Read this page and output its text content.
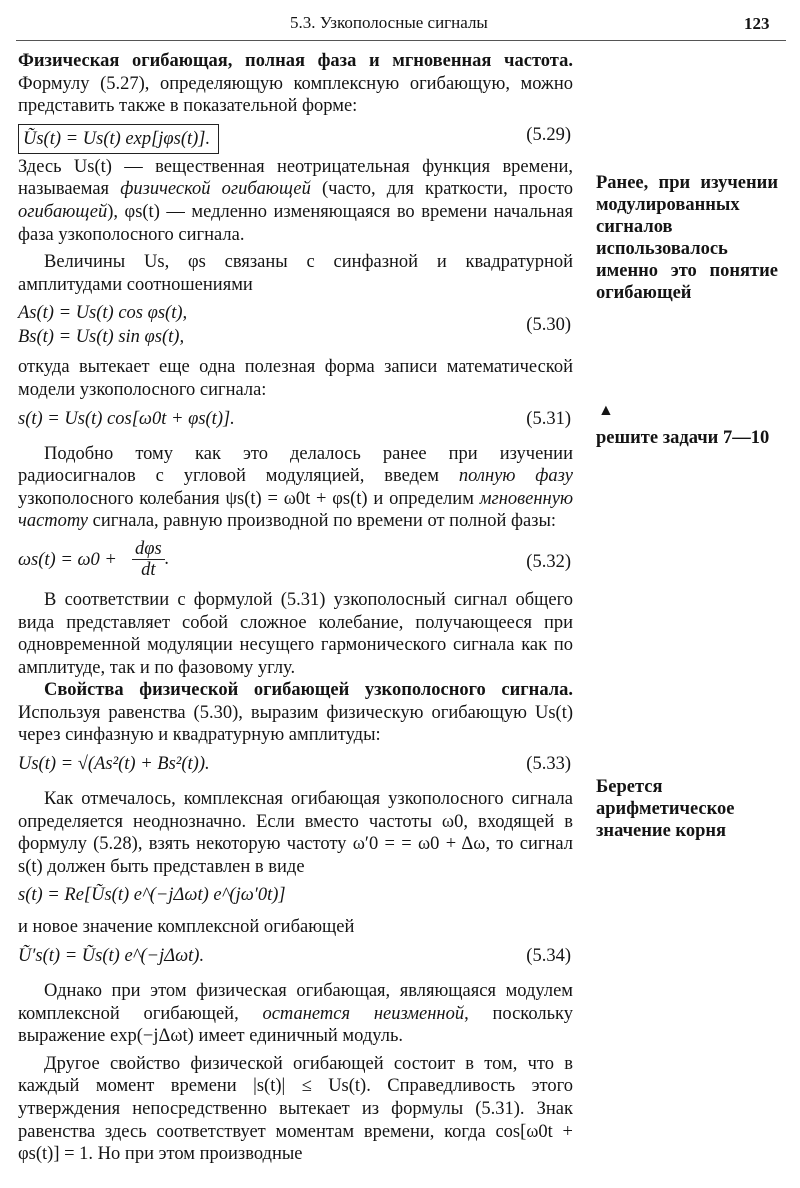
5.3. Узкополосные сигналы	123

Физическая огибающая, полная фаза и мгновенная частота. Формулу (5.27), определяющую комплексную огибающую, можно представить также в показательной форме:

Ũs(t) = Us(t) exp[jφs(t)].	(5.29)

Здесь Us(t) — вещественная неотрицательная функция времени, называемая физической огибающей (часто, для краткости, просто огибающей), φs(t) — медленно изменяющаяся во времени начальная фаза узкополосного сигнала.

Величины Us, φs связаны с синфазной и квадратурной амплитудами соотношениями

As(t) = Us(t) cos φs(t),
Bs(t) = Us(t) sin φs(t),
(5.30)

откуда вытекает еще одна полезная форма записи математической модели узкополосного сигнала:

s(t) = Us(t) cos[ω0t + φs(t)].	(5.31)

Подобно тому как это делалось ранее при изучении радиосигналов с угловой модуляцией, введем полную фазу узкополосного колебания ψs(t) = ω0t + φs(t) и определим мгновенную частоту сигнала, равную производной по времени от полной фазы:

ωs(t) = ω0 +
dφs
dt
.	(5.32)

В соответствии с формулой (5.31) узкополосный сигнал общего вида представляет собой сложное колебание, получающееся при одновременной модуляции несущего гармонического сигнала как по амплитуде, так и по фазовому углу.

Свойства физической огибающей узкополосного сигнала. Используя равенства (5.30), выразим физическую огибающую Us(t) через синфазную и квадратурную амплитуды:

Us(t) = √(As²(t) + Bs²(t)).	(5.33)

Как отмечалось, комплексная огибающая узкополосного сигнала определяется неоднозначно. Если вместо частоты ω0, входящей в формулу (5.28), взять некоторую частоту ω′0 = = ω0 + Δω, то сигнал s(t) должен быть представлен в виде

s(t) = Re[Ũs(t) e^(−jΔωt) e^(jω′0t)]

и новое значение комплексной огибающей

Ũ′s(t) = Ũs(t) e^(−jΔωt).	(5.34)

Однако при этом физическая огибающая, являющаяся модулем комплексной огибающей, останется неизменной, поскольку выражение exp(−jΔωt) имеет единичный модуль.

Другое свойство физической огибающей состоит в том, что в каждый момент времени |s(t)| ≤ Us(t). Справедливость этого утверждения непосредственно вытекает из формулы (5.31). Знак равенства здесь соответствует моментам времени, когда cos[ω0t + φs(t)] = 1. Но при этом производные

Ранее, при изучении модулированных сигналов использовалось именно это понятие огибающей
▲
решите задачи 7—10
Берется арифметическое значение корня
